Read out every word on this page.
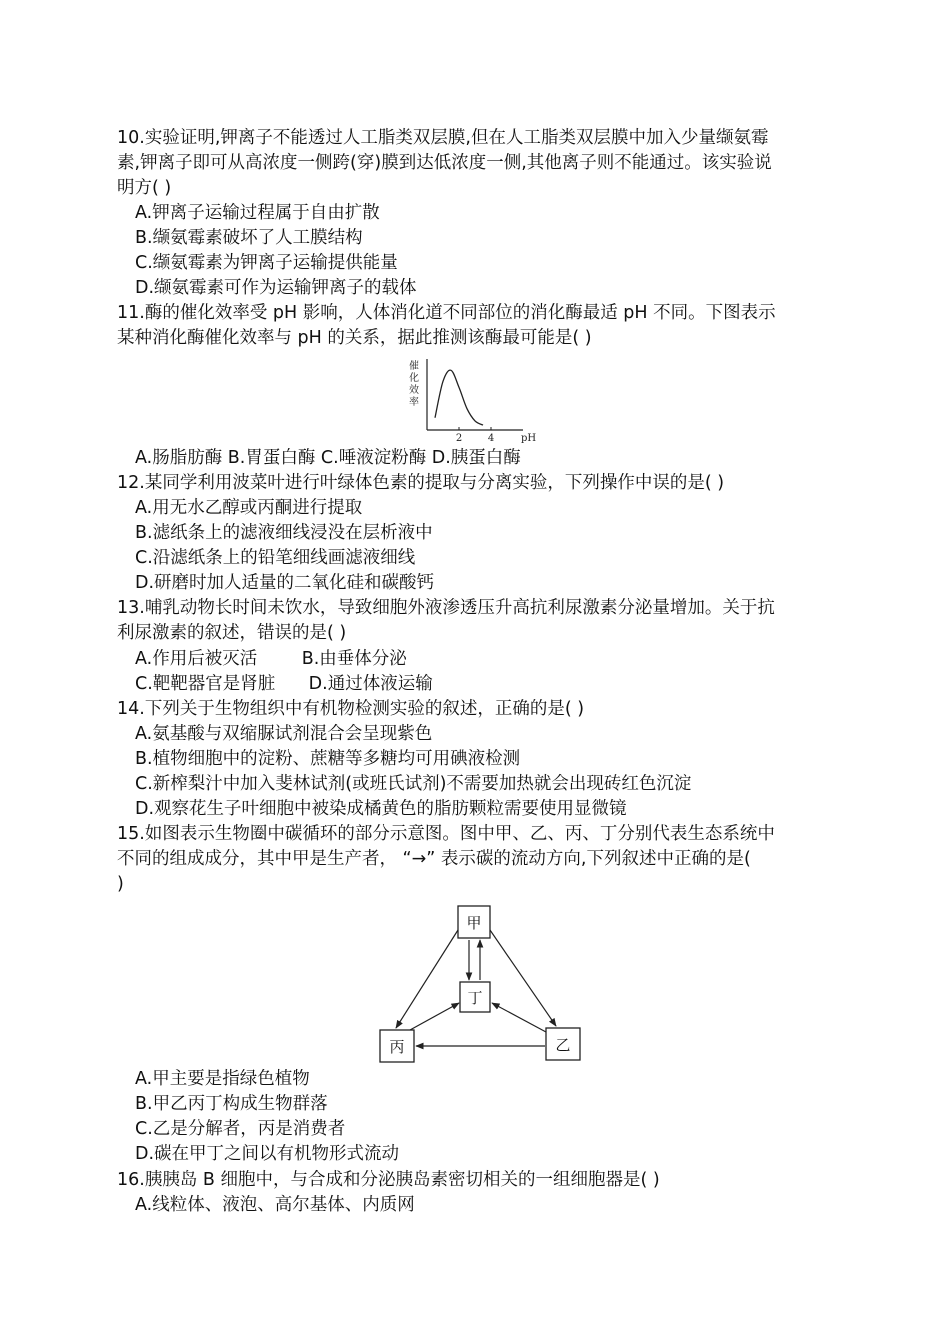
10.实验证明,钾离子不能透过人工脂类双层膜,但在人工脂类双层膜中加入少量缬氨霉
素,钾离子即可从高浓度一侧跨(穿)膜到达低浓度一侧,其他离子则不能通过。该实验说
明方( )
A.钾离子运输过程属于自由扩散
B.缬氨霉素破坏了人工膜结构
C.缬氨霉素为钾离子运输提供能量
D.缬氨霉素可作为运输钾离子的载体
11.酶的催化效率受 pH 影响，人体消化道不同部位的消化酶最适 pH 不同。下图表示
某种消化酶催化效率与 pH 的关系，据此推测该酶最可能是( )
催
化
效
率
2	4	pH
A.肠脂肪酶 B.胃蛋白酶 C.唾液淀粉酶 D.胰蛋白酶
12.某同学利用波菜叶进行叶绿体色素的提取与分离实验，下列操作中误的是( )
A.用无水乙醇或丙酮进行提取
B.滤纸条上的滤液细线浸没在层析液中
C.沿滤纸条上的铅笔细线画滤液细线
D.研磨时加人适量的二氧化硅和碳酸钙
13.哺乳动物长时间未饮水，导致细胞外液渗透压升高抗利尿激素分泌量增加。关于抗
利尿激素的叙述，错误的是( )
A.作用后被灭活        B.由垂体分泌
C.靶靶器官是肾脏      D.通过体液运输
14.下列关于生物组织中有机物检测实验的叙述，正确的是( )
A.氨基酸与双缩脲试剂混合会呈现紫色
B.植物细胞中的淀粉、蔗糖等多糖均可用碘液检测
C.新榨梨汁中加入斐林试剂(或班氏试剂)不需要加热就会出现砖红色沉淀
D.观察花生子叶细胞中被染成橘黄色的脂肪颗粒需要使用显微镜
15.如图表示生物圈中碳循环的部分示意图。图中甲、乙、丙、丁分别代表生态系统中
不同的组成成分，其中甲是生产者， “→” 表示碳的流动方向,下列叙述中正确的是(
)
甲
丁
丙	乙
A.甲主要是指绿色植物
B.甲乙丙丁构成生物群落
C.乙是分解者，丙是消费者
D.碳在甲丁之间以有机物形式流动
16.胰胰岛 B 细胞中，与合成和分泌胰岛素密切相关的一组细胞器是( )
A.线粒体、液泡、高尔基体、内质网
